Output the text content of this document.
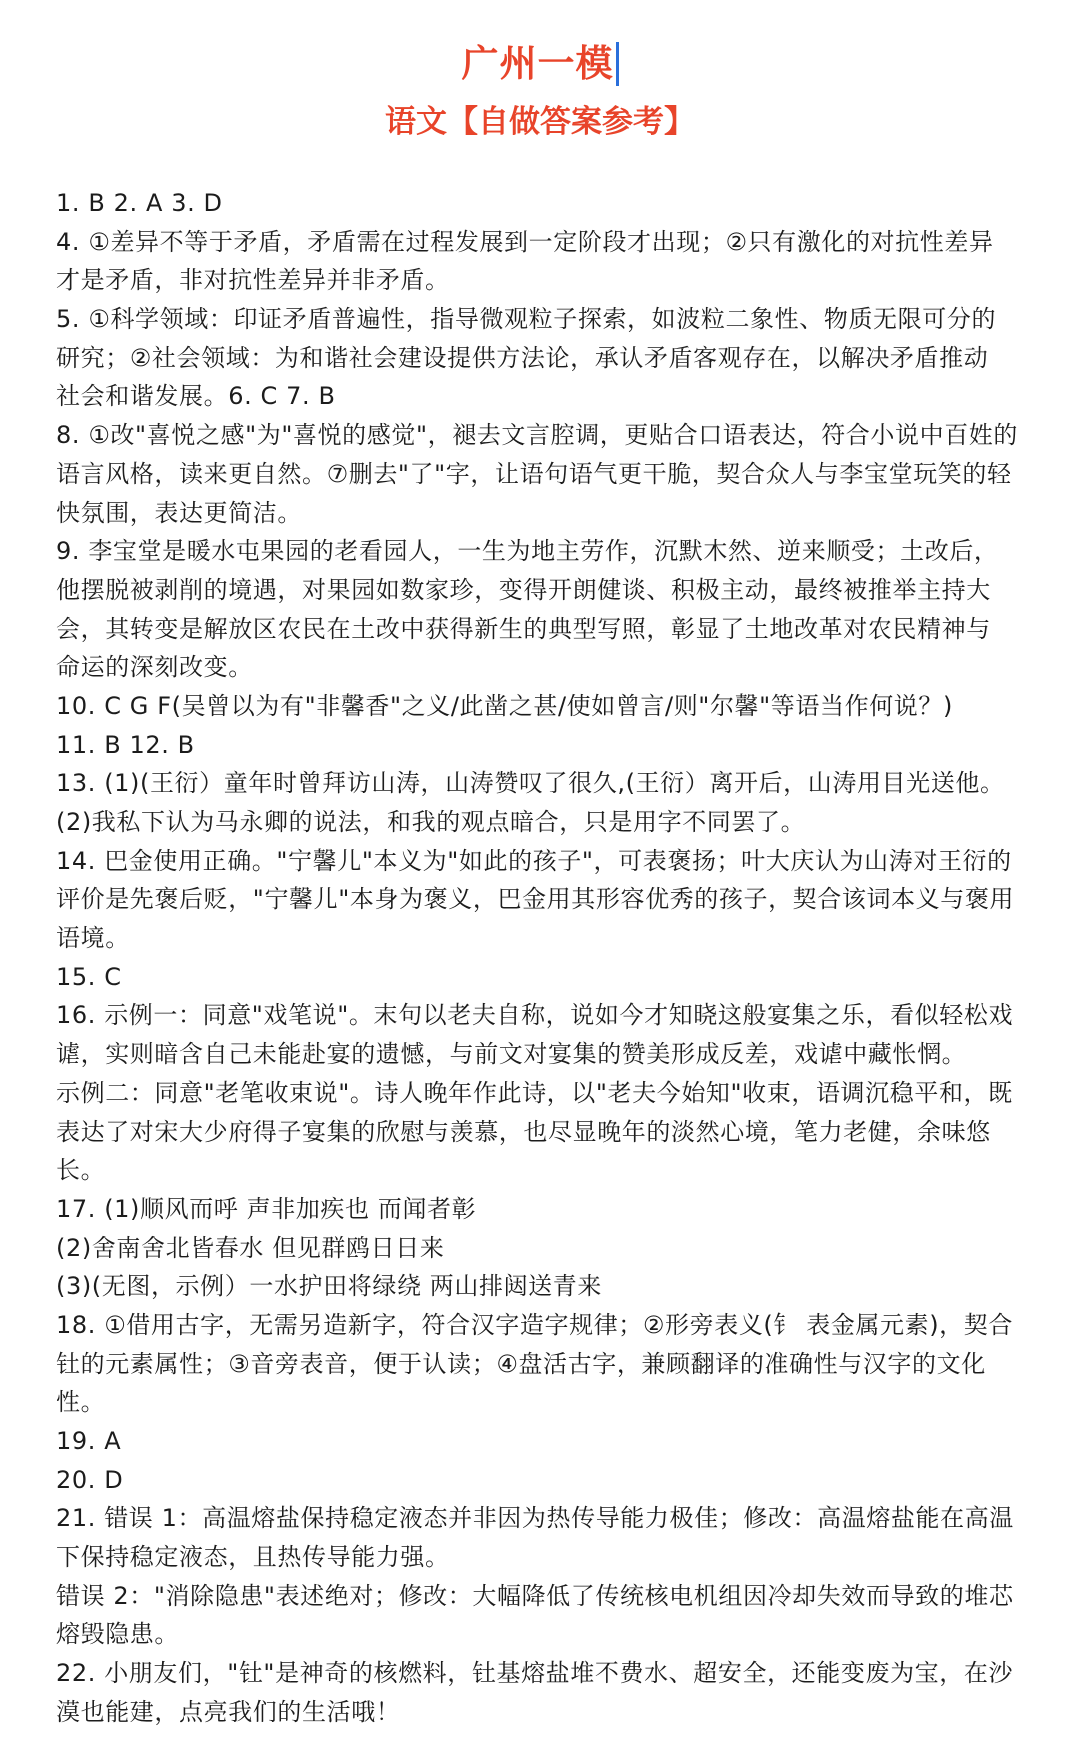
广州一模
语文【自做答案参考】
1. B 2. A 3. D
4. ①差异不等于矛盾，矛盾需在过程发展到一定阶段才出现；②只有激化的对抗性差异
才是矛盾，非对抗性差异并非矛盾。
5. ①科学领域：印证矛盾普遍性，指导微观粒子探索，如波粒二象性、物质无限可分的
研究；②社会领域：为和谐社会建设提供方法论，承认矛盾客观存在，以解决矛盾推动
社会和谐发展。6. C 7. B
8. ①改"喜悦之感"为"喜悦的感觉"，褪去文言腔调，更贴合口语表达，符合小说中百姓的
语言风格，读来更自然。⑦删去"了"字，让语句语气更干脆，契合众人与李宝堂玩笑的轻
快氛围，表达更简洁。
9. 李宝堂是暖水屯果园的老看园人，一生为地主劳作，沉默木然、逆来顺受；土改后，
他摆脱被剥削的境遇，对果园如数家珍，变得开朗健谈、积极主动，最终被推举主持大
会，其转变是解放区农民在土改中获得新生的典型写照，彰显了土地改革对农民精神与
命运的深刻改变。
10. C G F(吴曾以为有"非馨香"之义/此凿之甚/使如曾言/则"尔馨"等语当作何说？)
11. B 12. B
13. (1)(王衍）童年时曾拜访山涛，山涛赞叹了很久,(王衍）离开后，山涛用目光送他。
(2)我私下认为马永卿的说法，和我的观点暗合，只是用字不同罢了。
14. 巴金使用正确。"宁馨儿"本义为"如此的孩子"，可表褒扬；叶大庆认为山涛对王衍的
评价是先褒后贬，"宁馨儿"本身为褒义，巴金用其形容优秀的孩子，契合该词本义与褒用
语境。
15. C
16. 示例一：同意"戏笔说"。末句以老夫自称，说如今才知晓这般宴集之乐，看似轻松戏
谑，实则暗含自己未能赴宴的遗憾，与前文对宴集的赞美形成反差，戏谑中藏怅惘。
示例二：同意"老笔收束说"。诗人晚年作此诗，以"老夫今始知"收束，语调沉稳平和，既
表达了对宋大少府得子宴集的欣慰与羡慕，也尽显晚年的淡然心境，笔力老健，余味悠
长。
17. (1)顺风而呼 声非加疾也 而闻者彰
(2)舍南舍北皆春水 但见群鸥日日来
(3)(无图，示例）一水护田将绿绕 两山排闼送青来
18. ①借用古字，无需另造新字，符合汉字造字规律；②形旁表义(钅 表金属元素)，契合
钍的元素属性；③音旁表音，便于认读；④盘活古字，兼顾翻译的准确性与汉字的文化
性。
19. A
20. D
21. 错误 1：高温熔盐保持稳定液态并非因为热传导能力极佳；修改：高温熔盐能在高温
下保持稳定液态，且热传导能力强。
错误 2："消除隐患"表述绝对；修改：大幅降低了传统核电机组因冷却失效而导致的堆芯
熔毁隐患。
22. 小朋友们，"钍"是神奇的核燃料，钍基熔盐堆不费水、超安全，还能变废为宝，在沙
漠也能建，点亮我们的生活哦！
